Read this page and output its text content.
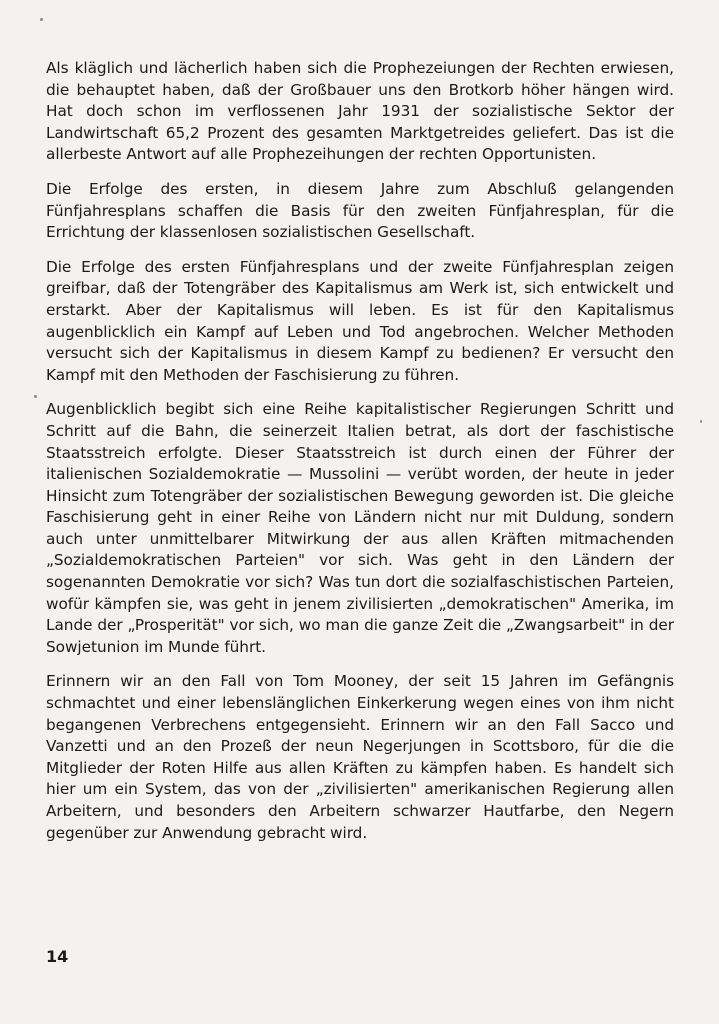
Als kläglich und lächerlich haben sich die Prophezeiungen der Rechten erwiesen, die behauptet haben, daß der Großbauer uns den Brotkorb höher hängen wird. Hat doch schon im verflossenen Jahr 1931 der sozialistische Sektor der Landwirtschaft 65,2 Prozent des gesamten Marktgetreides geliefert. Das ist die allerbeste Antwort auf alle Prophezeihungen der rechten Opportunisten.

Die Erfolge des ersten, in diesem Jahre zum Abschluß gelangenden Fünfjahresplans schaffen die Basis für den zweiten Fünfjahresplan, für die Errichtung der klassenlosen sozialistischen Gesellschaft.

Die Erfolge des ersten Fünfjahresplans und der zweite Fünfjahresplan zeigen greifbar, daß der Totengräber des Kapitalismus am Werk ist, sich entwickelt und erstarkt. Aber der Kapitalismus will leben. Es ist für den Kapitalismus augenblicklich ein Kampf auf Leben und Tod angebrochen. Welcher Methoden versucht sich der Kapitalismus in diesem Kampf zu bedienen? Er versucht den Kampf mit den Methoden der Faschisierung zu führen.

Augenblicklich begibt sich eine Reihe kapitalistischer Regierungen Schritt und Schritt auf die Bahn, die seinerzeit Italien betrat, als dort der faschistische Staatsstreich erfolgte. Dieser Staatsstreich ist durch einen der Führer der italienischen Sozialdemokratie — Mussolini — verübt worden, der heute in jeder Hinsicht zum Totengräber der sozialistischen Bewegung geworden ist. Die gleiche Faschisierung geht in einer Reihe von Ländern nicht nur mit Duldung, sondern auch unter unmittelbarer Mitwirkung der aus allen Kräften mitmachenden „Sozialdemokratischen Parteien" vor sich. Was geht in den Ländern der sogenannten Demokratie vor sich? Was tun dort die sozialfaschistischen Parteien, wofür kämpfen sie, was geht in jenem zivilisierten „demokratischen" Amerika, im Lande der „Prosperität" vor sich, wo man die ganze Zeit die „Zwangsarbeit" in der Sowjetunion im Munde führt.

Erinnern wir an den Fall von Tom Mooney, der seit 15 Jahren im Gefängnis schmachtet und einer lebenslänglichen Einkerkerung wegen eines von ihm nicht begangenen Verbrechens entgegensieht. Erinnern wir an den Fall Sacco und Vanzetti und an den Prozeß der neun Negerjungen in Scottsboro, für die die Mitglieder der Roten Hilfe aus allen Kräften zu kämpfen haben. Es handelt sich hier um ein System, das von der „zivilisierten" amerikanischen Regierung allen Arbeitern, und besonders den Arbeitern schwarzer Hautfarbe, den Negern gegenüber zur Anwendung gebracht wird.

14
